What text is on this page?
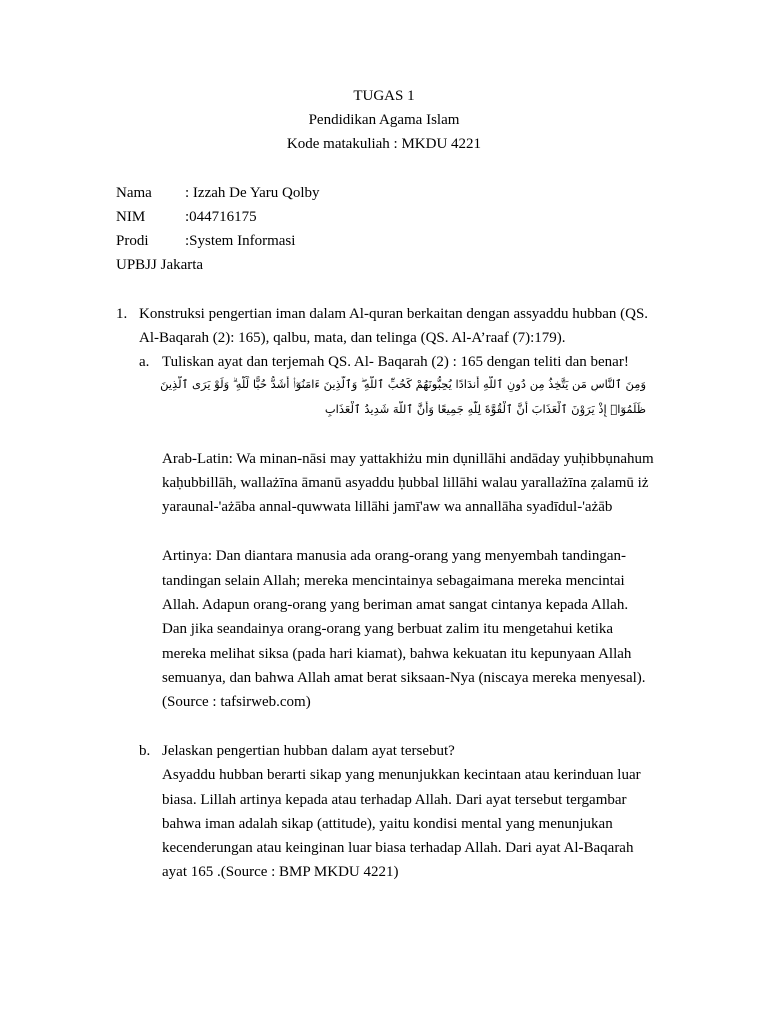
TUGAS 1
Pendidikan Agama Islam
Kode matakuliah : MKDU 4221
Nama : Izzah De Yaru Qolby
NIM	:044716175
Prodi :System Informasi
UPBJJ Jakarta
1. Konstruksi pengertian iman dalam Al-quran berkaitan dengan assyaddu hubban (QS.
Al-Baqarah (2): 165), qalbu, mata, dan telinga (QS. Al-A’raaf (7):179).
a. Tuliskan ayat dan terjemah QS. Al- Baqarah (2) : 165 dengan teliti dan benar!
وَمِنَ ٱلنَّاسِ مَن يَتَّخِذُ مِن دُونِ ٱللَّهِ أَندَادًا يُحِبُّونَهُمْ كَحُبِّ ٱللَّهِ ۖ وَٱلَّذِينَ ءَامَنُوٓا۟ أَشَدُّ حُبًّا لِّلَّهِ ۗ وَلَوْ يَرَى ٱلَّذِينَ
ظَلَمُوٓا۟ إِذْ يَرَوْنَ ٱلْعَذَابَ أَنَّ ٱلْقُوَّةَ لِلَّهِ جَمِيعًا وَأَنَّ ٱللَّهَ شَدِيدُ ٱلْعَذَابِ
Arab-Latin: Wa minan-nāsi may yattakhiżu min dụnillāhi andāday yuḥibbụnahum
kaḥubbillāh, wallażīna āmanū asyaddu ḥubbal lillāhi walau yarallażīna ẓalamū iż
yaraunal-'ażāba annal-quwwata lillāhi jamī'aw wa annallāha syadīdul-'ażāb
Artinya: Dan diantara manusia ada orang-orang yang menyembah tandingan-
tandingan selain Allah; mereka mencintainya sebagaimana mereka mencintai
Allah. Adapun orang-orang yang beriman amat sangat cintanya kepada Allah.
Dan jika seandainya orang-orang yang berbuat zalim itu mengetahui ketika
mereka melihat siksa (pada hari kiamat), bahwa kekuatan itu kepunyaan Allah
semuanya, dan bahwa Allah amat berat siksaan-Nya (niscaya mereka menyesal).
(Source : tafsirweb.com)
b. Jelaskan pengertian hubban dalam ayat tersebut?
Asyaddu hubban berarti sikap yang menunjukkan kecintaan atau kerinduan luar
biasa. Lillah artinya kepada atau terhadap Allah. Dari ayat tersebut tergambar
bahwa iman adalah sikap (attitude), yaitu kondisi mental yang menunjukan
kecenderungan atau keinginan luar biasa terhadap Allah. Dari ayat Al-Baqarah
ayat 165 .(Source : BMP MKDU 4221)
